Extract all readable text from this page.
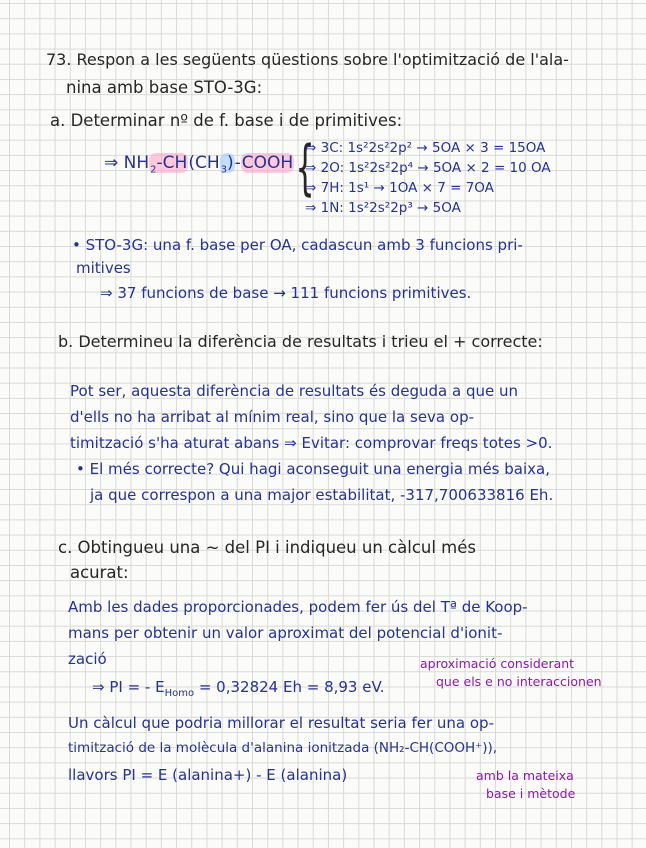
73. Respon a les següents qüestions sobre l'optimització de l'ala-
nina amb base STO-3G:
a. Determinar nº de f. base i de primitives:
⇒ $NH_2-CH(CH_3)$-COOH {
⇒ 3C: 1s²2s²2p² → 5OA × 3 = 15OA
⇒ 2O: 1s²2s²2p⁴ → 5OA × 2 = 10 OA
⇒ 7H: 1s¹ → 1OA × 7 = 7OA
⇒ 1N: 1s²2s²2p³ → 5OA
• STO-3G: una f. base per OA, cadascun amb 3 funcions pri-
mitives
⇒ 37 funcions de base → 111 funcions primitives.
b. Determineu la diferència de resultats i trieu el + correcte:
Pot ser, aquesta diferència de resultats és deguda a que un
d'ells no ha arribat al mínim real, sino que la seva op-
timització s'ha aturat abans ⇒ Evitar: comprovar freqs totes >0.
• El més correcte? Qui hagi aconseguit una energia més baixa,
ja que correspon a una major estabilitat, -317,700633816 Eh.
c. Obtingueu una ~ del PI i indiqueu un càlcul més
acurat:
Amb les dades proporcionades, podem fer ús del Tª de Koop-
mans per obtenir un valor aproximat del potencial d'ionit-
zació
⇒ PI = - $E_{Homo} = 0,32824$ Eh = 8,93 eV.
aproximació considerant
que els e no interaccionen
Un càlcul que podria millorar el resultat seria fer una op-
timització de la molècula d'alanina ionitzada (NH₂-CH(COOH⁺)),
llavors PI = E (alanina+) - E (alanina)	amb la mateixa
base i mètode
